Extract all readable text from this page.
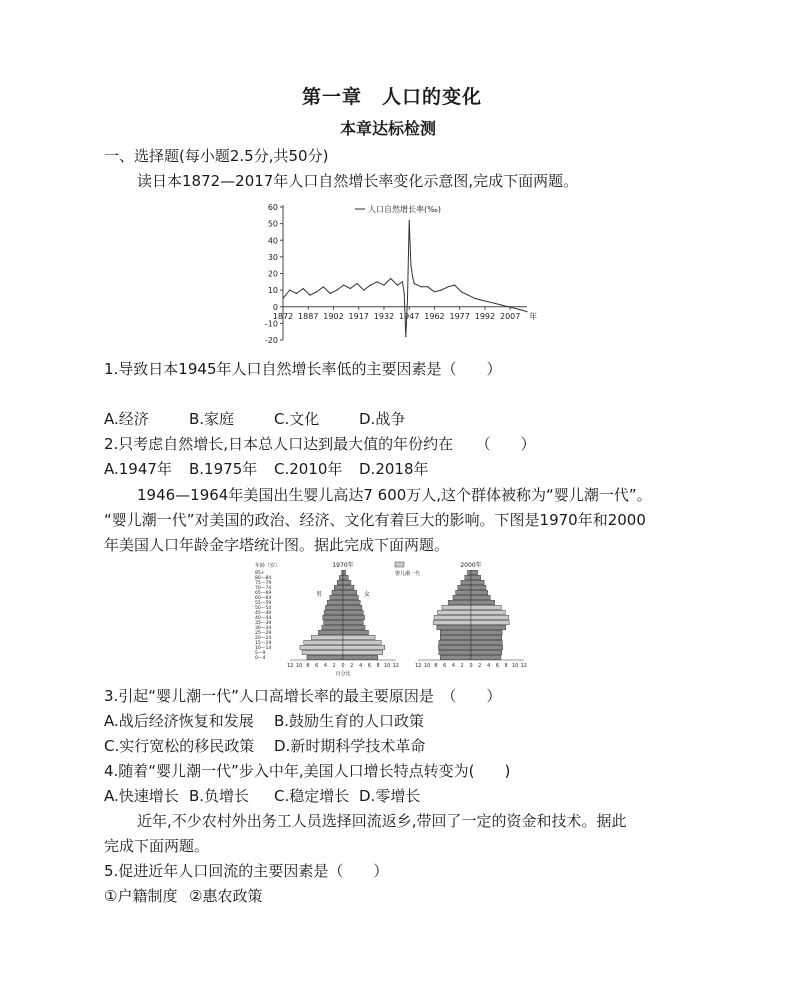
第一章　人口的变化
本章达标检测
一、选择题(每小题2.5分,共50分)
读日本1872—2017年人口自然增长率变化示意图,完成下面两题。
-20
-10
0
10
20
30
40
50
60
1872 1887 1902 1917 1932 1947 1962 1977 1992 2007 年
人口自然增长率(‰)
1.导致日本1945年人口自然增长率低的主要因素是（　　）
A.经济	B.家庭	C.文化	D.战争
2.只考虑自然增长,日本总人口达到最大值的年份约在　　（　　）
A.1947年 B.1975年 C.2010年 D.2018年
1946—1964年美国出生婴儿高达7 600万人,这个群体被称为“婴儿潮一代”。
“婴儿潮一代”对美国的政治、经济、文化有着巨大的影响。下图是1970年和2000
年美国人口年龄金字塔统计图。据此完成下面两题。
年龄（岁）
85+
80—84
75—79
70—74
65—69
60—64
55—59
50—54
45—49
40—44
35—39
30—34
25—29
20—24
15—19
10—14
5—9
0—4
1970年
12 10 8 6 4 2 0 2 4 6 8 10 12
男	女
百分比
2000年
12 10 8 6 4 2 0 2 4 6 8 10 12
婴儿潮一代
3.引起“婴儿潮一代”人口高增长率的最主要原因是　（　　）
A.战后经济恢复和发展 B.鼓励生育的人口政策
C.实行宽松的移民政策 D.新时期科学技术革命
4.随着“婴儿潮一代”步入中年,美国人口增长特点转变为(　　)
A.快速增长 B.负增长 C.稳定增长 D.零增长
近年,不少农村外出务工人员选择回流返乡,带回了一定的资金和技术。据此
完成下面两题。
5.促进近年人口回流的主要因素是（　　）
①户籍制度 ②惠农政策
